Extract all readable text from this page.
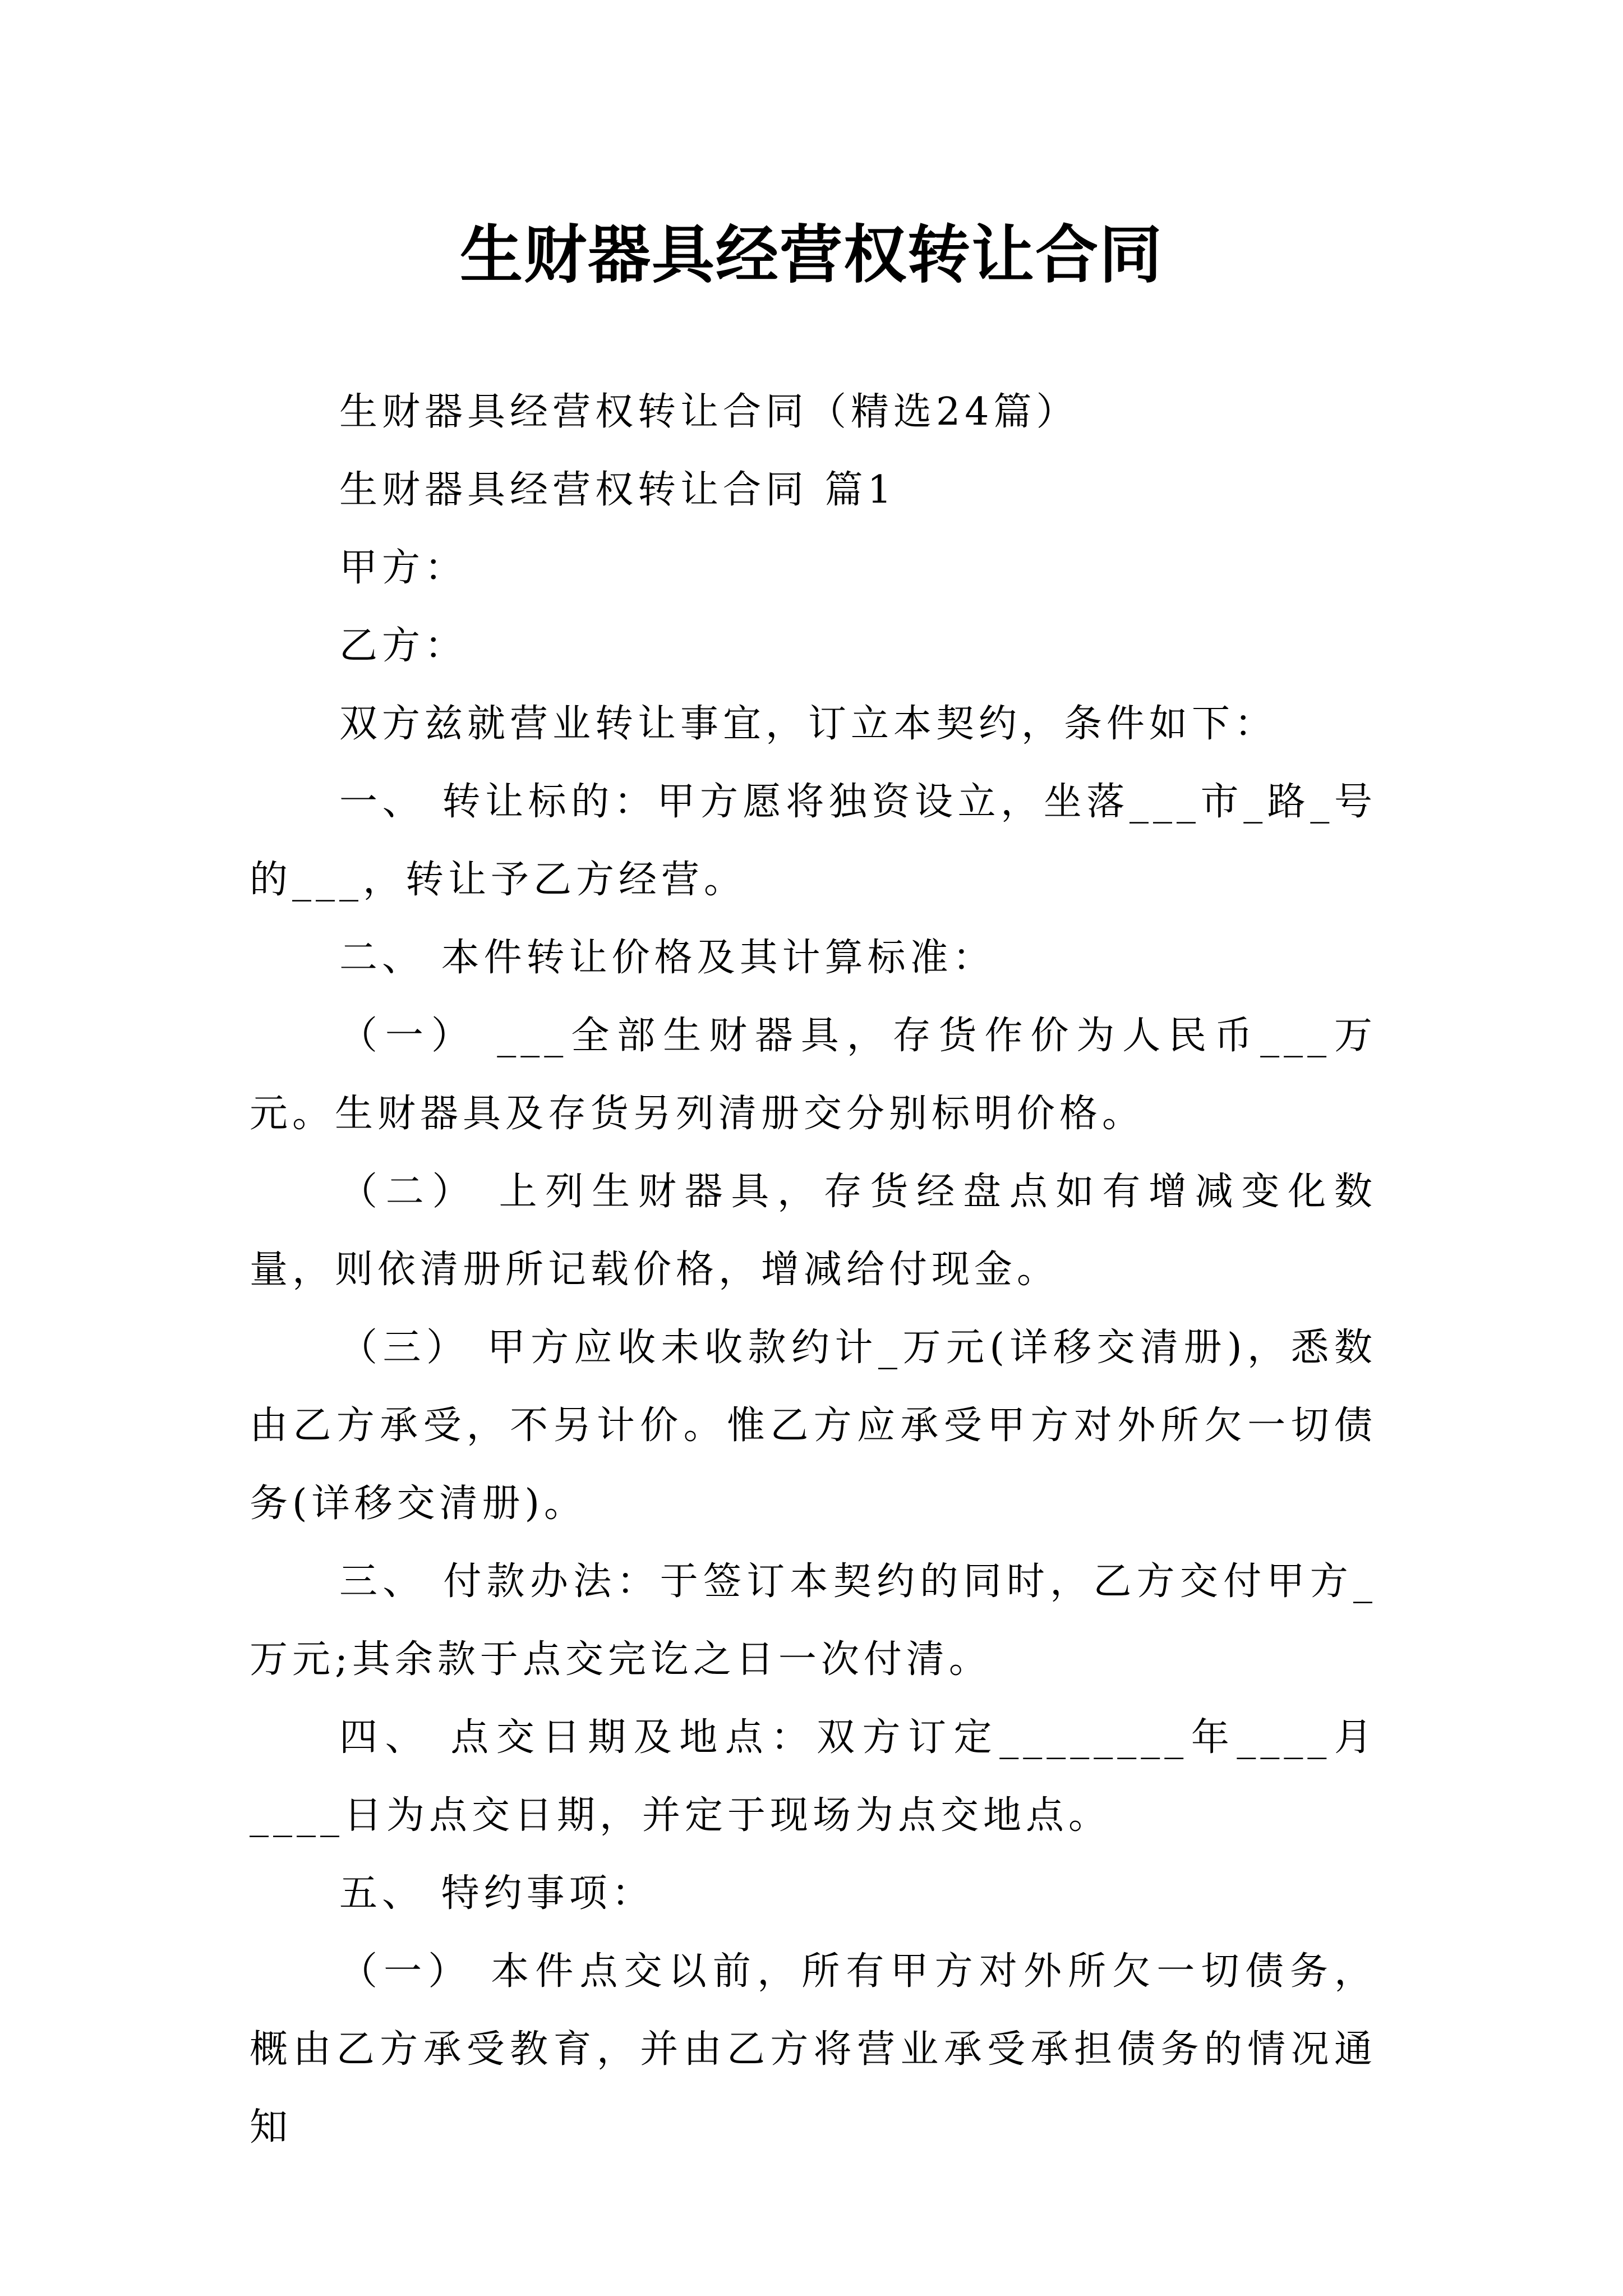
生财器具经营权转让合同

生财器具经营权转让合同（精选24篇）

生财器具经营权转让合同 篇1

甲方：

乙方：

双方兹就营业转让事宜，订立本契约，条件如下：

一、 转让标的：甲方愿将独资设立，坐落___市_路_号的___，转让予乙方经营。

二、 本件转让价格及其计算标准：

（一） ___全部生财器具，存货作价为人民币___万元。生财器具及存货另列清册交分别标明价格。

（二） 上列生财器具，存货经盘点如有增减变化数量，则依清册所记载价格，增减给付现金。

（三） 甲方应收未收款约计_万元(详移交清册)，悉数由乙方承受，不另计价。惟乙方应承受甲方对外所欠一切债务(详移交清册)。

三、 付款办法：于签订本契约的同时，乙方交付甲方_万元;其余款于点交完讫之日一次付清。

四、 点交日期及地点：双方订定________年____月____日为点交日期，并定于现场为点交地点。

五、 特约事项：

（一） 本件点交以前，所有甲方对外所欠一切债务，概由乙方承受教育，并由乙方将营业承受承担债务的情况通知
